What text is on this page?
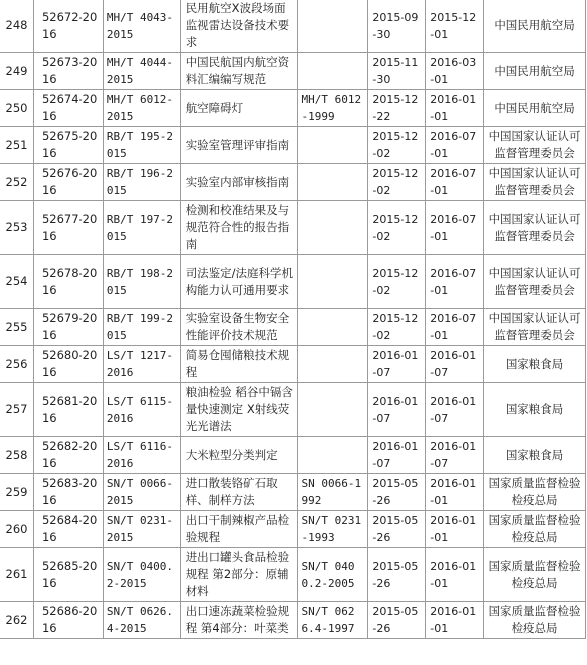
248	52672-2016	MH/T 4043-2015	民用航空X波段场面监视雷达设备技术要求		2015-09-30	2015-12-01	中国民用航空局
249	52673-2016	MH/T 4044-2015	中国民航国内航空资料汇编编写规范		2015-11-30	2016-03-01	中国民用航空局
250	52674-2016	MH/T 6012-2015	航空障碍灯	MH/T 6012-1999	2015-12-22	2016-01-01	中国民用航空局
251	52675-2016	RB/T 195-2015	实验室管理评审指南		2015-12-02	2016-07-01	中国国家认证认可监督管理委员会
252	52676-2016	RB/T 196-2015	实验室内部审核指南		2015-12-02	2016-07-01	中国国家认证认可监督管理委员会
253	52677-2016	RB/T 197-2015	检测和校准结果及与规范符合性的报告指南		2015-12-02	2016-07-01	中国国家认证认可监督管理委员会
254	52678-2016	RB/T 198-2015	司法鉴定/法庭科学机构能力认可通用要求		2015-12-02	2016-07-01	中国国家认证认可监督管理委员会
255	52679-2016	RB/T 199-2015	实验室设备生物安全性能评价技术规范		2015-12-02	2016-07-01	中国国家认证认可监督管理委员会
256	52680-2016	LS/T 1217-2016	简易仓囤储粮技术规程		2016-01-07	2016-01-07	国家粮食局
257	52681-2016	LS/T 6115-2016	粮油检验 稻谷中镉含量快速测定 X射线荧光光谱法		2016-01-07	2016-01-07	国家粮食局
258	52682-2016	LS/T 6116-2016	大米粒型分类判定		2016-01-07	2016-01-07	国家粮食局
259	52683-2016	SN/T 0066-2015	进口散装铬矿石取样、制样方法	SN 0066-1992	2015-05-26	2016-01-01	国家质量监督检验检疫总局
260	52684-2016	SN/T 0231-2015	出口干制辣椒产品检验规程	SN/T 0231-1993	2015-05-26	2016-01-01	国家质量监督检验检疫总局
261	52685-2016	SN/T 0400.2-2015	进出口罐头食品检验规程 第2部分：原辅材料	SN/T 0400.2-2005	2015-05-26	2016-01-01	国家质量监督检验检疫总局
262	52686-2016	SN/T 0626.4-2015	出口速冻蔬菜检验规程 第4部分：叶菜类	SN/T 0626.4-1997	2015-05-26	2016-01-01	国家质量监督检验检疫总局
